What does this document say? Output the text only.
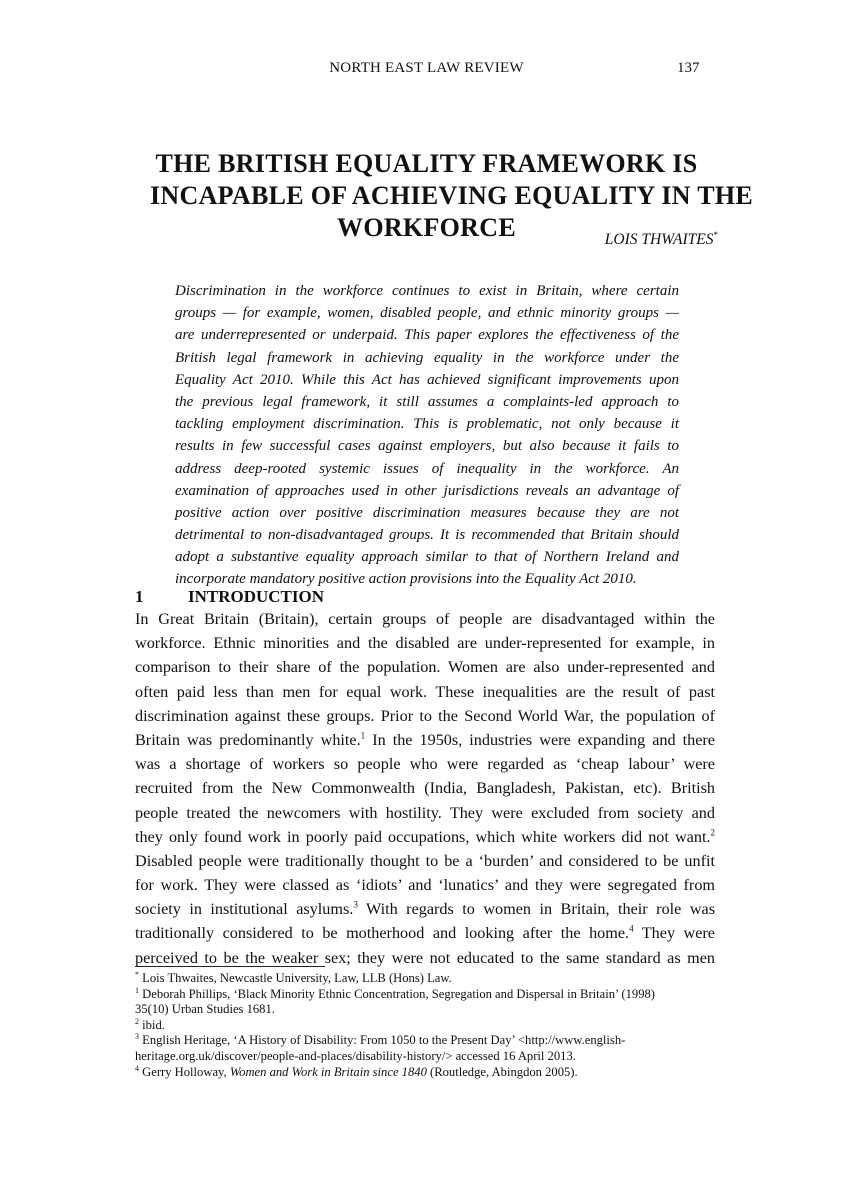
NORTH EAST LAW REVIEW	137
THE BRITISH EQUALITY FRAMEWORK IS
INCAPABLE OF ACHIEVING EQUALITY IN THE
WORKFORCE	LOIS THWAITES*
Discrimination in the workforce continues to exist in Britain, where certain
groups — for example, women, disabled people, and ethnic minority groups —
are underrepresented or underpaid. This paper explores the effectiveness of the
British legal framework in achieving equality in the workforce under the
Equality Act 2010. While this Act has achieved significant improvements upon
the previous legal framework, it still assumes a complaints-led approach to
tackling employment discrimination. This is problematic, not only because it
results in few successful cases against employers, but also because it fails to
address deep-rooted systemic issues of inequality in the workforce. An
examination of approaches used in other jurisdictions reveals an advantage of
positive action over positive discrimination measures because they are not
detrimental to non-disadvantaged groups. It is recommended that Britain should
adopt a substantive equality approach similar to that of Northern Ireland and
incorporate mandatory positive action provisions into the Equality Act 2010.
1	INTRODUCTION
In Great Britain (Britain), certain groups of people are disadvantaged within the
workforce. Ethnic minorities and the disabled are under-represented for example, in
comparison to their share of the population. Women are also under-represented and
often paid less than men for equal work. These inequalities are the result of past
discrimination against these groups. Prior to the Second World War, the population of
Britain was predominantly white.$^1$ In the 1950s, industries were expanding and there
was a shortage of workers so people who were regarded as ‘cheap labour’ were
recruited from the New Commonwealth (India, Bangladesh, Pakistan, etc). British
people treated the newcomers with hostility. They were excluded from society and
they only found work in poorly paid occupations, which white workers did not want.$^2$
Disabled people were traditionally thought to be a ‘burden’ and considered to be unfit
for work. They were classed as ‘idiots’ and ‘lunatics’ and they were segregated from
society in institutional asylums.$^3$ With regards to women in Britain, their role was
traditionally considered to be motherhood and looking after the home.$^4$ They were
perceived to be the weaker sex; they were not educated to the same standard as men
* Lois Thwaites, Newcastle University, Law, LLB (Hons) Law.
$^1$ Deborah Phillips, ‘Black Minority Ethnic Concentration, Segregation and Dispersal in Britain’ (1998)
35(10) Urban Studies 1681.
$^2$ ibid.
$^3$ English Heritage, ‘A History of Disability: From 1050 to the Present Day’ <http://www.english-
heritage.org.uk/discover/people-and-places/disability-history/> accessed 16 April 2013.
$^4$ Gerry Holloway, Women and Work in Britain since 1840 (Routledge, Abingdon 2005).
